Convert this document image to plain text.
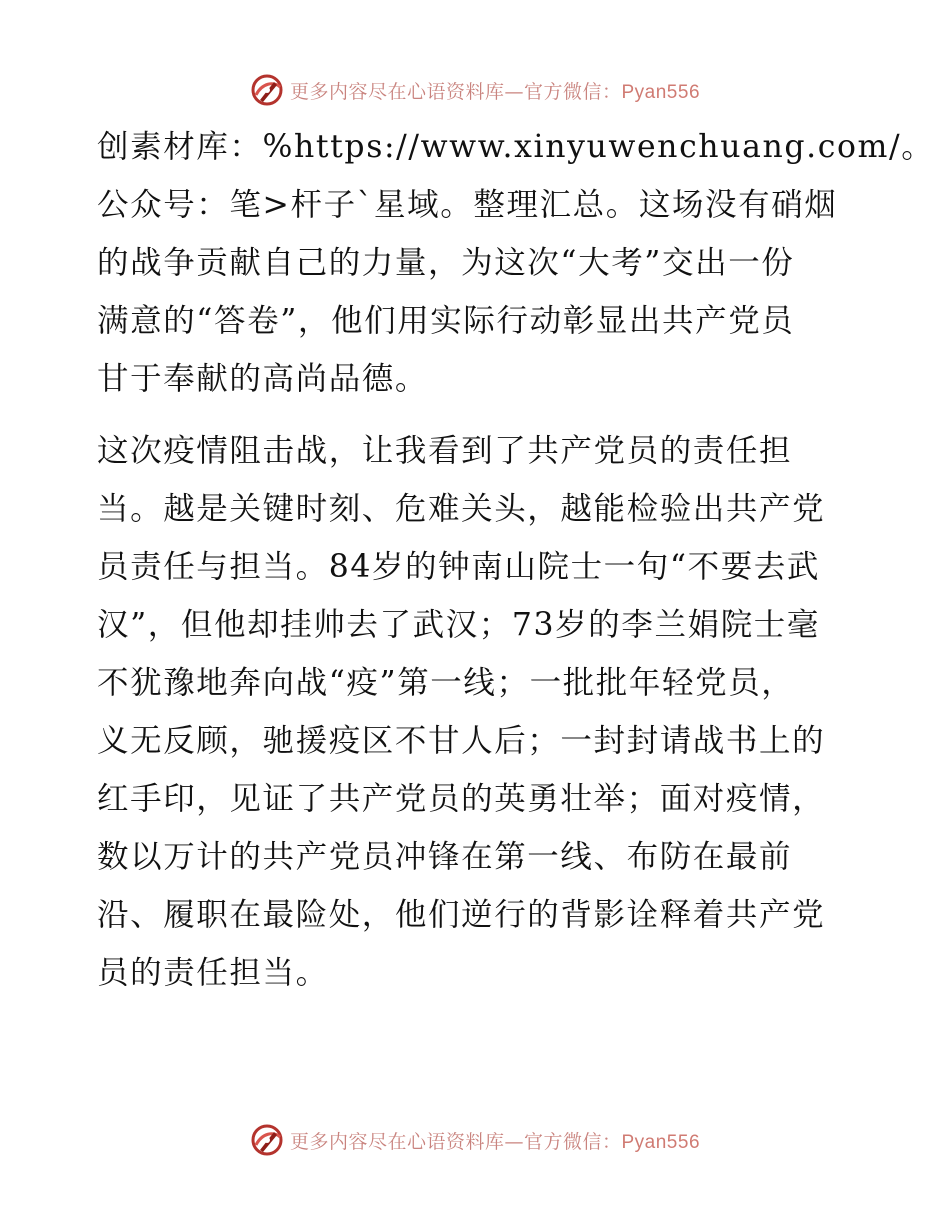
更多内容尽在心语资料库—官方微信：Pyan556

创素材库：%https://www.xinyuwenchuang.com/。
公众号：笔>杆子`星域。整理汇总。这场没有硝烟
的战争贡献自己的力量，为这次“大考”交出一份
满意的“答卷”，他们用实际行动彰显出共产党员
甘于奉献的高尚品德。

这次疫情阻击战，让我看到了共产党员的责任担
当。越是关键时刻、危难关头，越能检验出共产党
员责任与担当。84岁的钟南山院士一句“不要去武
汉”，但他却挂帅去了武汉；73岁的李兰娟院士毫
不犹豫地奔向战“疫”第一线；一批批年轻党员，
义无反顾，驰援疫区不甘人后；一封封请战书上的
红手印，见证了共产党员的英勇壮举；面对疫情，
数以万计的共产党员冲锋在第一线、布防在最前
沿、履职在最险处，他们逆行的背影诠释着共产党
员的责任担当。

更多内容尽在心语资料库—官方微信：Pyan556
